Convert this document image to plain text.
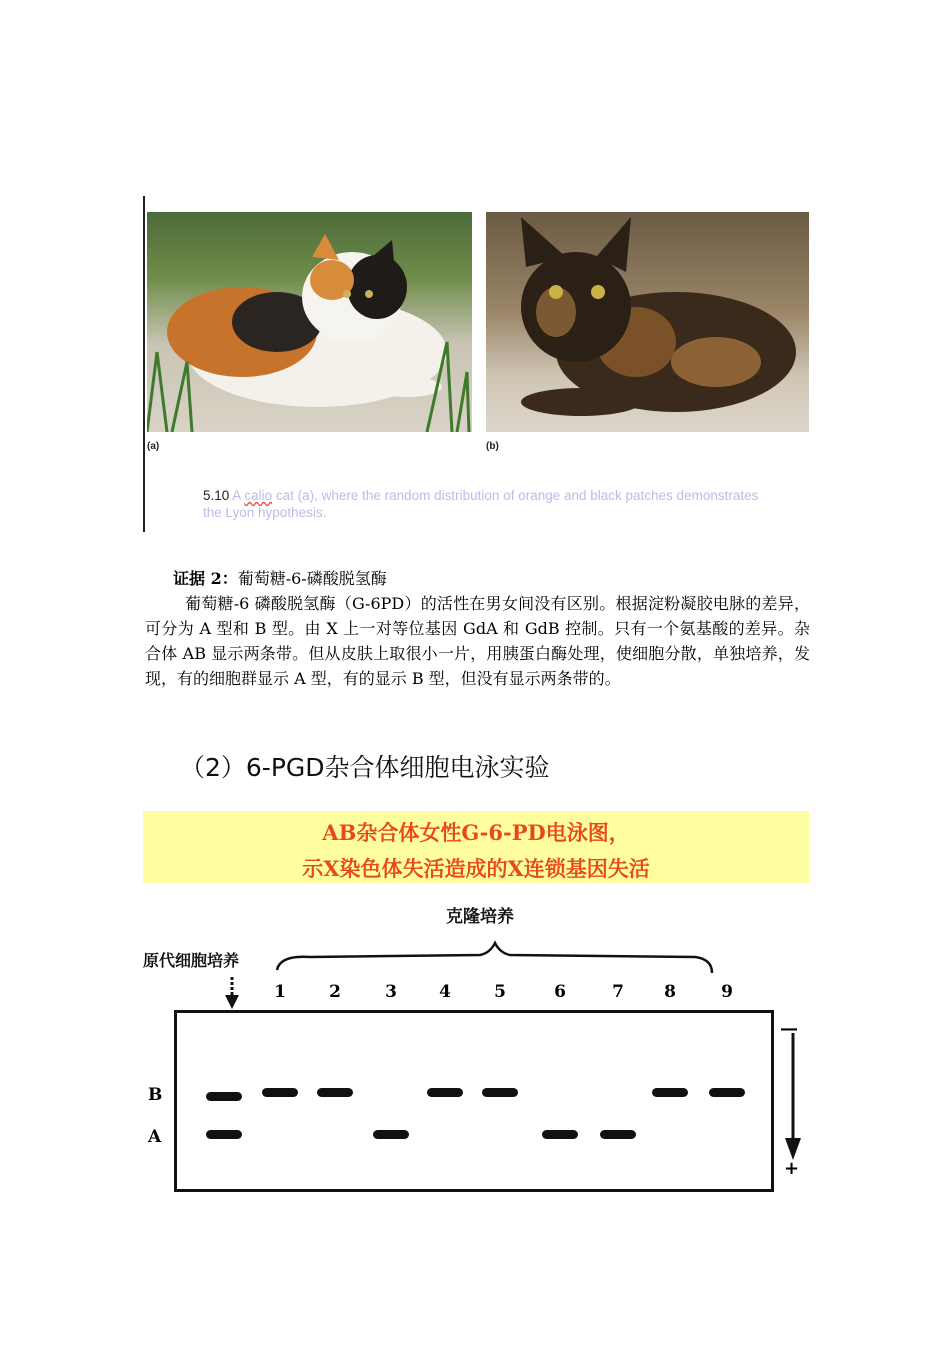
(a)	(b)
5.10 A calio cat (a), where the random distribution of orange and black patches demonstrates the Lyon hypothesis.
证据 2：葡萄糖-6-磷酸脱氢酶

葡萄糖-6 磷酸脱氢酶（G-6PD）的活性在男女间没有区别。根据淀粉凝胶电脉的差异，可分为 A 型和 B 型。由 X 上一对等位基因 GdA 和 GdB 控制。只有一个氨基酸的差异。杂合体 AB 显示两条带。但从皮肤上取很小一片，用胰蛋白酶处理，使细胞分散，单独培养，发现，有的细胞群显示 A 型，有的显示 B 型，但没有显示两条带的。

（2）6-PGD杂合体细胞电泳实验
AB杂合体女性G-6-PD电泳图，
示X染色体失活造成的X连锁基因失活
克隆培养
原代细胞培养
1	2	3 4	5	6	7 8	9
B
A
—
+
